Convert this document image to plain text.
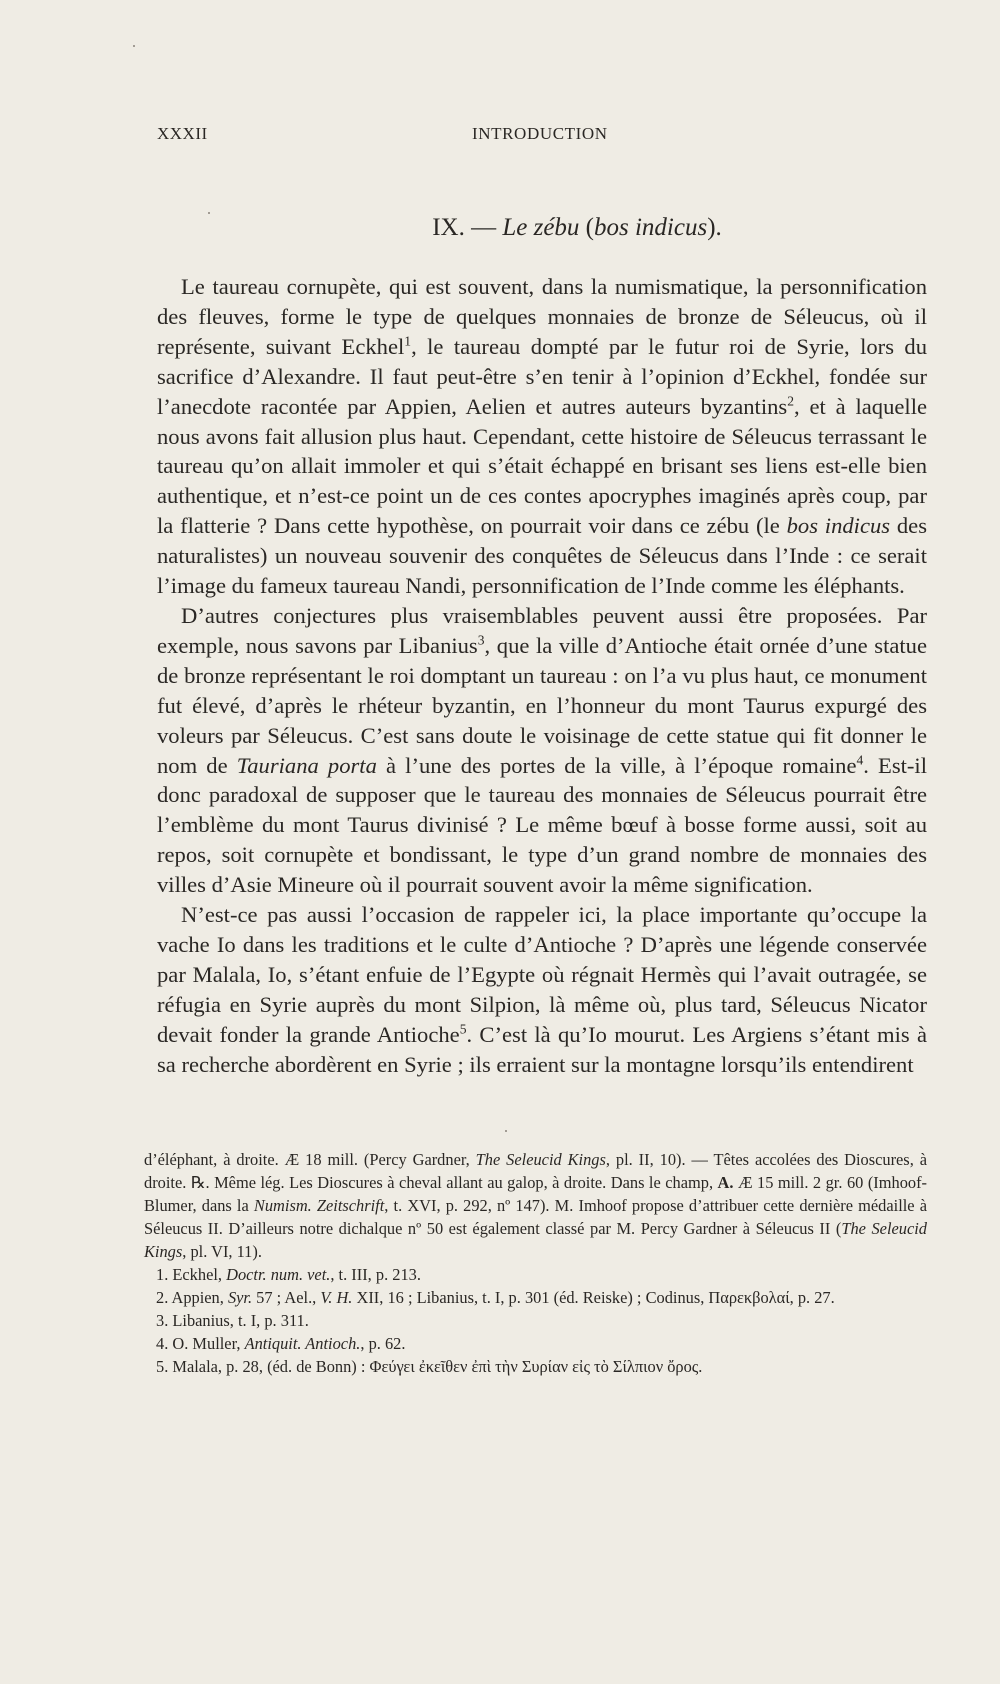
XXXII	INTRODUCTION
IX. — Le zébu (bos indicus).

Le taureau cornupète, qui est souvent, dans la numismatique, la personnification des fleuves, forme le type de quelques monnaies de bronze de Séleucus, où il représente, suivant Eckhel$^1$, le taureau dompté par le futur roi de Syrie, lors du sacrifice d’Alexandre. Il faut peut-être s’en tenir à l’opinion d’Eckhel, fondée sur l’anecdote racontée par Appien, Aelien et autres auteurs byzantins$^2$, et à laquelle nous avons fait allusion plus haut. Cependant, cette histoire de Séleucus terrassant le taureau qu’on allait immoler et qui s’était échappé en brisant ses liens est-elle bien authentique, et n’est-ce point un de ces contes apocryphes imaginés après coup, par la flatterie ? Dans cette hypothèse, on pourrait voir dans ce zébu (le bos indicus des naturalistes) un nouveau souvenir des conquêtes de Séleucus dans l’Inde : ce serait l’image du fameux taureau Nandi, personnification de l’Inde comme les éléphants.

D’autres conjectures plus vraisemblables peuvent aussi être proposées. Par exemple, nous savons par Libanius$^3$, que la ville d’Antioche était ornée d’une statue de bronze représentant le roi domptant un taureau : on l’a vu plus haut, ce monument fut élevé, d’après le rhéteur byzantin, en l’honneur du mont Taurus expurgé des voleurs par Séleucus. C’est sans doute le voisinage de cette statue qui fit donner le nom de Tauriana porta à l’une des portes de la ville, à l’époque romaine$^4$. Est-il donc paradoxal de supposer que le taureau des monnaies de Séleucus pourrait être l’emblème du mont Taurus divinisé ? Le même bœuf à bosse forme aussi, soit au repos, soit cornupète et bondissant, le type d’un grand nombre de monnaies des villes d’Asie Mineure où il pourrait souvent avoir la même signification.

N’est-ce pas aussi l’occasion de rappeler ici, la place importante qu’occupe la vache Io dans les traditions et le culte d’Antioche ? D’après une légende conservée par Malala, Io, s’étant enfuie de l’Egypte où régnait Hermès qui l’avait outragée, se réfugia en Syrie auprès du mont Silpion, là même où, plus tard, Séleucus Nicator devait fonder la grande Antioche$^5$. C’est là qu’Io mourut. Les Argiens s’étant mis à sa recherche abordèrent en Syrie ; ils erraient sur la montagne lorsqu’ils entendirent

d’éléphant, à droite. Æ 18 mill. (Percy Gardner, The Seleucid Kings, pl. II, 10). — Têtes accolées des Dioscures, à droite. ℞. Même lég. Les Dioscures à cheval allant au galop, à droite. Dans le champ, A. Æ 15 mill. 2 gr. 60 (Imhoof-Blumer, dans la Numism. Zeitschrift, t. XVI, p. 292, nº 147). M. Imhoof propose d’attribuer cette dernière médaille à Séleucus II. D’ailleurs notre dichalque nº 50 est également classé par M. Percy Gardner à Séleucus II (The Seleucid Kings, pl. VI, 11).

1. Eckhel, Doctr. num. vet., t. III, p. 213.

2. Appien, Syr. 57 ; Ael., V. H. XII, 16 ; Libanius, t. I, p. 301 (éd. Reiske) ; Codinus, Παρεκβολαί, p. 27.

3. Libanius, t. I, p. 311.

4. O. Muller, Antiquit. Antioch., p. 62.

5. Malala, p. 28, (éd. de Bonn) : Φεύγει ἐκεῖθεν ἐπὶ τὴν Συρίαν εἰς τὸ Σίλπιον ὄρος.
